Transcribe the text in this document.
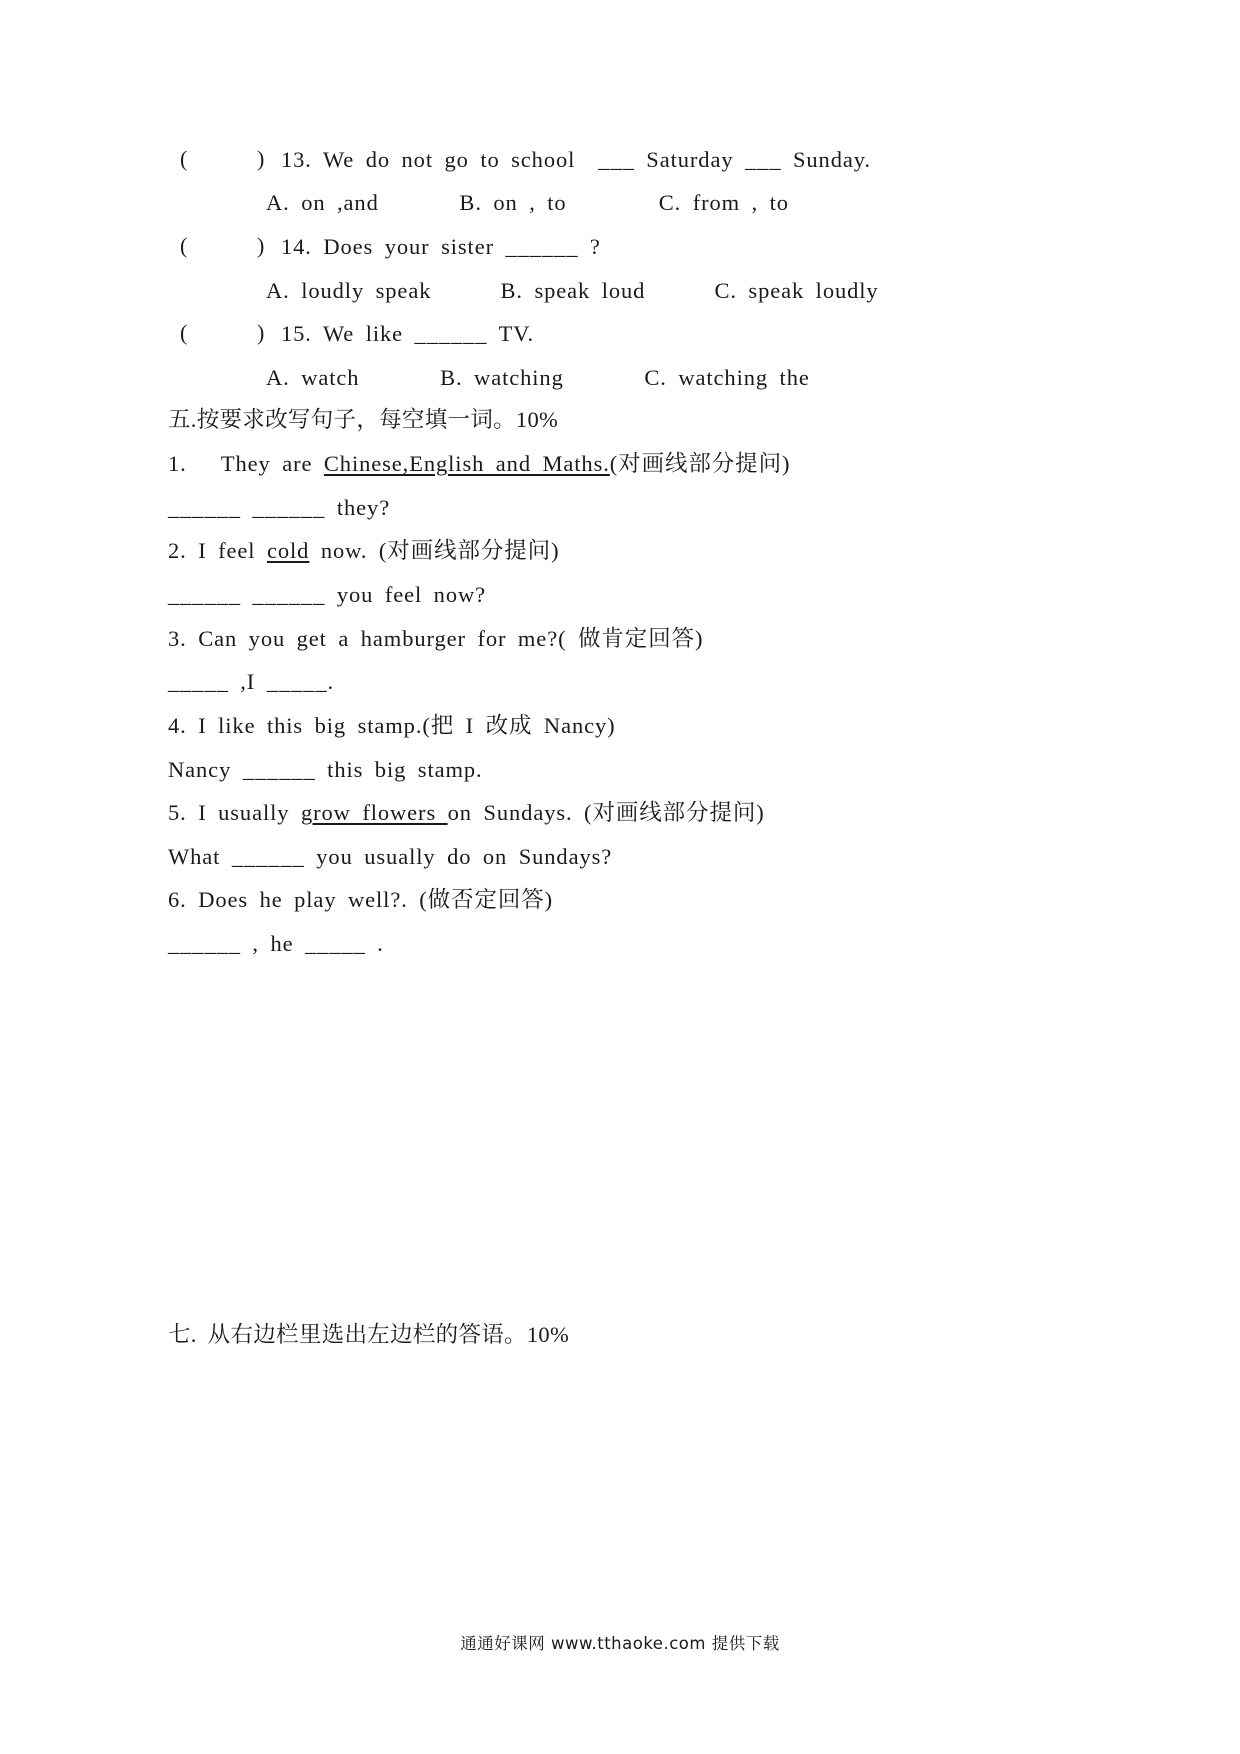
(	) 13. We do not go to school  ___ Saturday ___ Sunday.
A. on ,and       B. on , to        C. from , to
(	) 14. Does your sister ______ ?
A. loudly speak      B. speak loud      C. speak loudly
(	) 15. We like ______ TV.
A. watch       B. watching       C. watching the
五.按要求改写句子，每空填一词。10%
1.   They are Chinese,English and Maths.(对画线部分提问)
______ ______ they?
2. I feel cold now. (对画线部分提问)
______ ______ you feel now?
3. Can you get a hamburger for me?( 做肯定回答)
_____ ,I _____.
4. I like this big stamp.(把 I 改成 Nancy)
Nancy ______ this big stamp.
5. I usually grow flowers on Sundays. (对画线部分提问)
What ______ you usually do on Sundays?
6. Does he play well?. (做否定回答)
______ , he _____ .
七. 从右边栏里选出左边栏的答语。10%
通通好课网 www.tthaoke.com 提供下载
